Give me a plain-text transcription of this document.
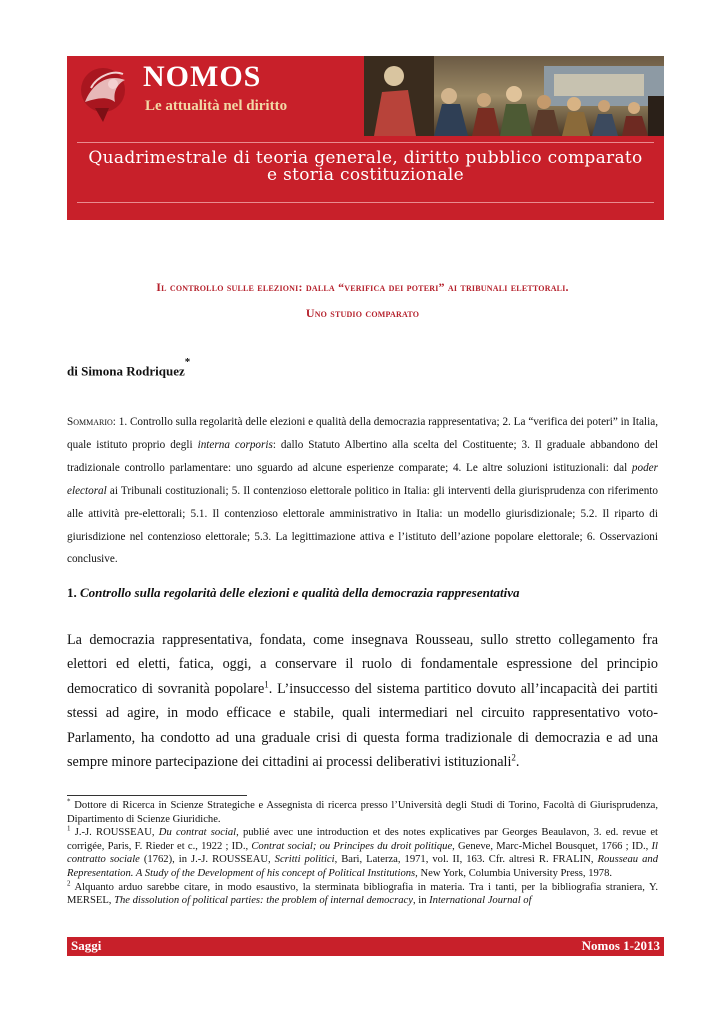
NOMOS
Le attualità nel diritto
Quadrimestrale di teoria generale, diritto pubblico comparato
e storia costituzionale
Il controllo sulle elezioni: dalla “verifica dei poteri” ai tribunali elettorali.
Uno studio comparato
di Simona Rodriquez*
Sommario: 1. Controllo sulla regolarità delle elezioni e qualità della democrazia rappresentativa; 2. La “verifica dei poteri” in Italia, quale istituto proprio degli interna corporis: dallo Statuto Albertino alla scelta del Costituente; 3. Il graduale abbandono del tradizionale controllo parlamentare: uno sguardo ad alcune esperienze comparate; 4. Le altre soluzioni istituzionali: dal poder electoral ai Tribunali costituzionali; 5. Il contenzioso elettorale politico in Italia: gli interventi della giurisprudenza con riferimento alle attività pre-elettorali; 5.1. Il contenzioso elettorale amministrativo in Italia: un modello giurisdizionale; 5.2. Il riparto di giurisdizione nel contenzioso elettorale; 5.3. La legittimazione attiva e l’istituto dell’azione popolare elettorale; 6. Osservazioni conclusive.
1. Controllo sulla regolarità delle elezioni e qualità della democrazia rappresentativa
La democrazia rappresentativa, fondata, come insegnava Rousseau, sullo stretto collegamento fra elettori ed eletti, fatica, oggi, a conservare il ruolo di fondamentale espressione del principio democratico di sovranità popolare$^1$. L’insuccesso del sistema partitico dovuto all’incapacità dei partiti stessi ad agire, in modo efficace e stabile, quali intermediari nel circuito rappresentativo voto-Parlamento, ha condotto ad una graduale crisi di questa forma tradizionale di democrazia e ad una sempre minore partecipazione dei cittadini ai processi deliberativi istituzionali$^2$.

* Dottore di Ricerca in Scienze Strategiche e Assegnista di ricerca presso l’Università degli Studi di Torino, Facoltà di Giurisprudenza, Dipartimento di Scienze Giuridiche.

$^1$ J.-J. ROUSSEAU, Du contrat social, publié avec une introduction et des notes explicatives par Georges Beaulavon, 3. ed. revue et corrigée, Paris, F. Rieder et c., 1922 ; ID., Contrat social; ou Principes du droit politique, Geneve, Marc-Michel Bousquet, 1766 ; ID., Il contratto sociale (1762), in J.-J. ROUSSEAU, Scritti politici, Bari, Laterza, 1971, vol. II, 163. Cfr. altresì R. FRALIN, Rousseau and Representation. A Study of the Development of his concept of Political Institutions, New York, Columbia University Press, 1978.

$^2$ Alquanto arduo sarebbe citare, in modo esaustivo, la sterminata bibliografia in materia. Tra i tanti, per la bibliografia straniera, Y. MERSEL, The dissolution of political parties: the problem of internal democracy, in International Journal of

Saggi	Nomos 1-2013
